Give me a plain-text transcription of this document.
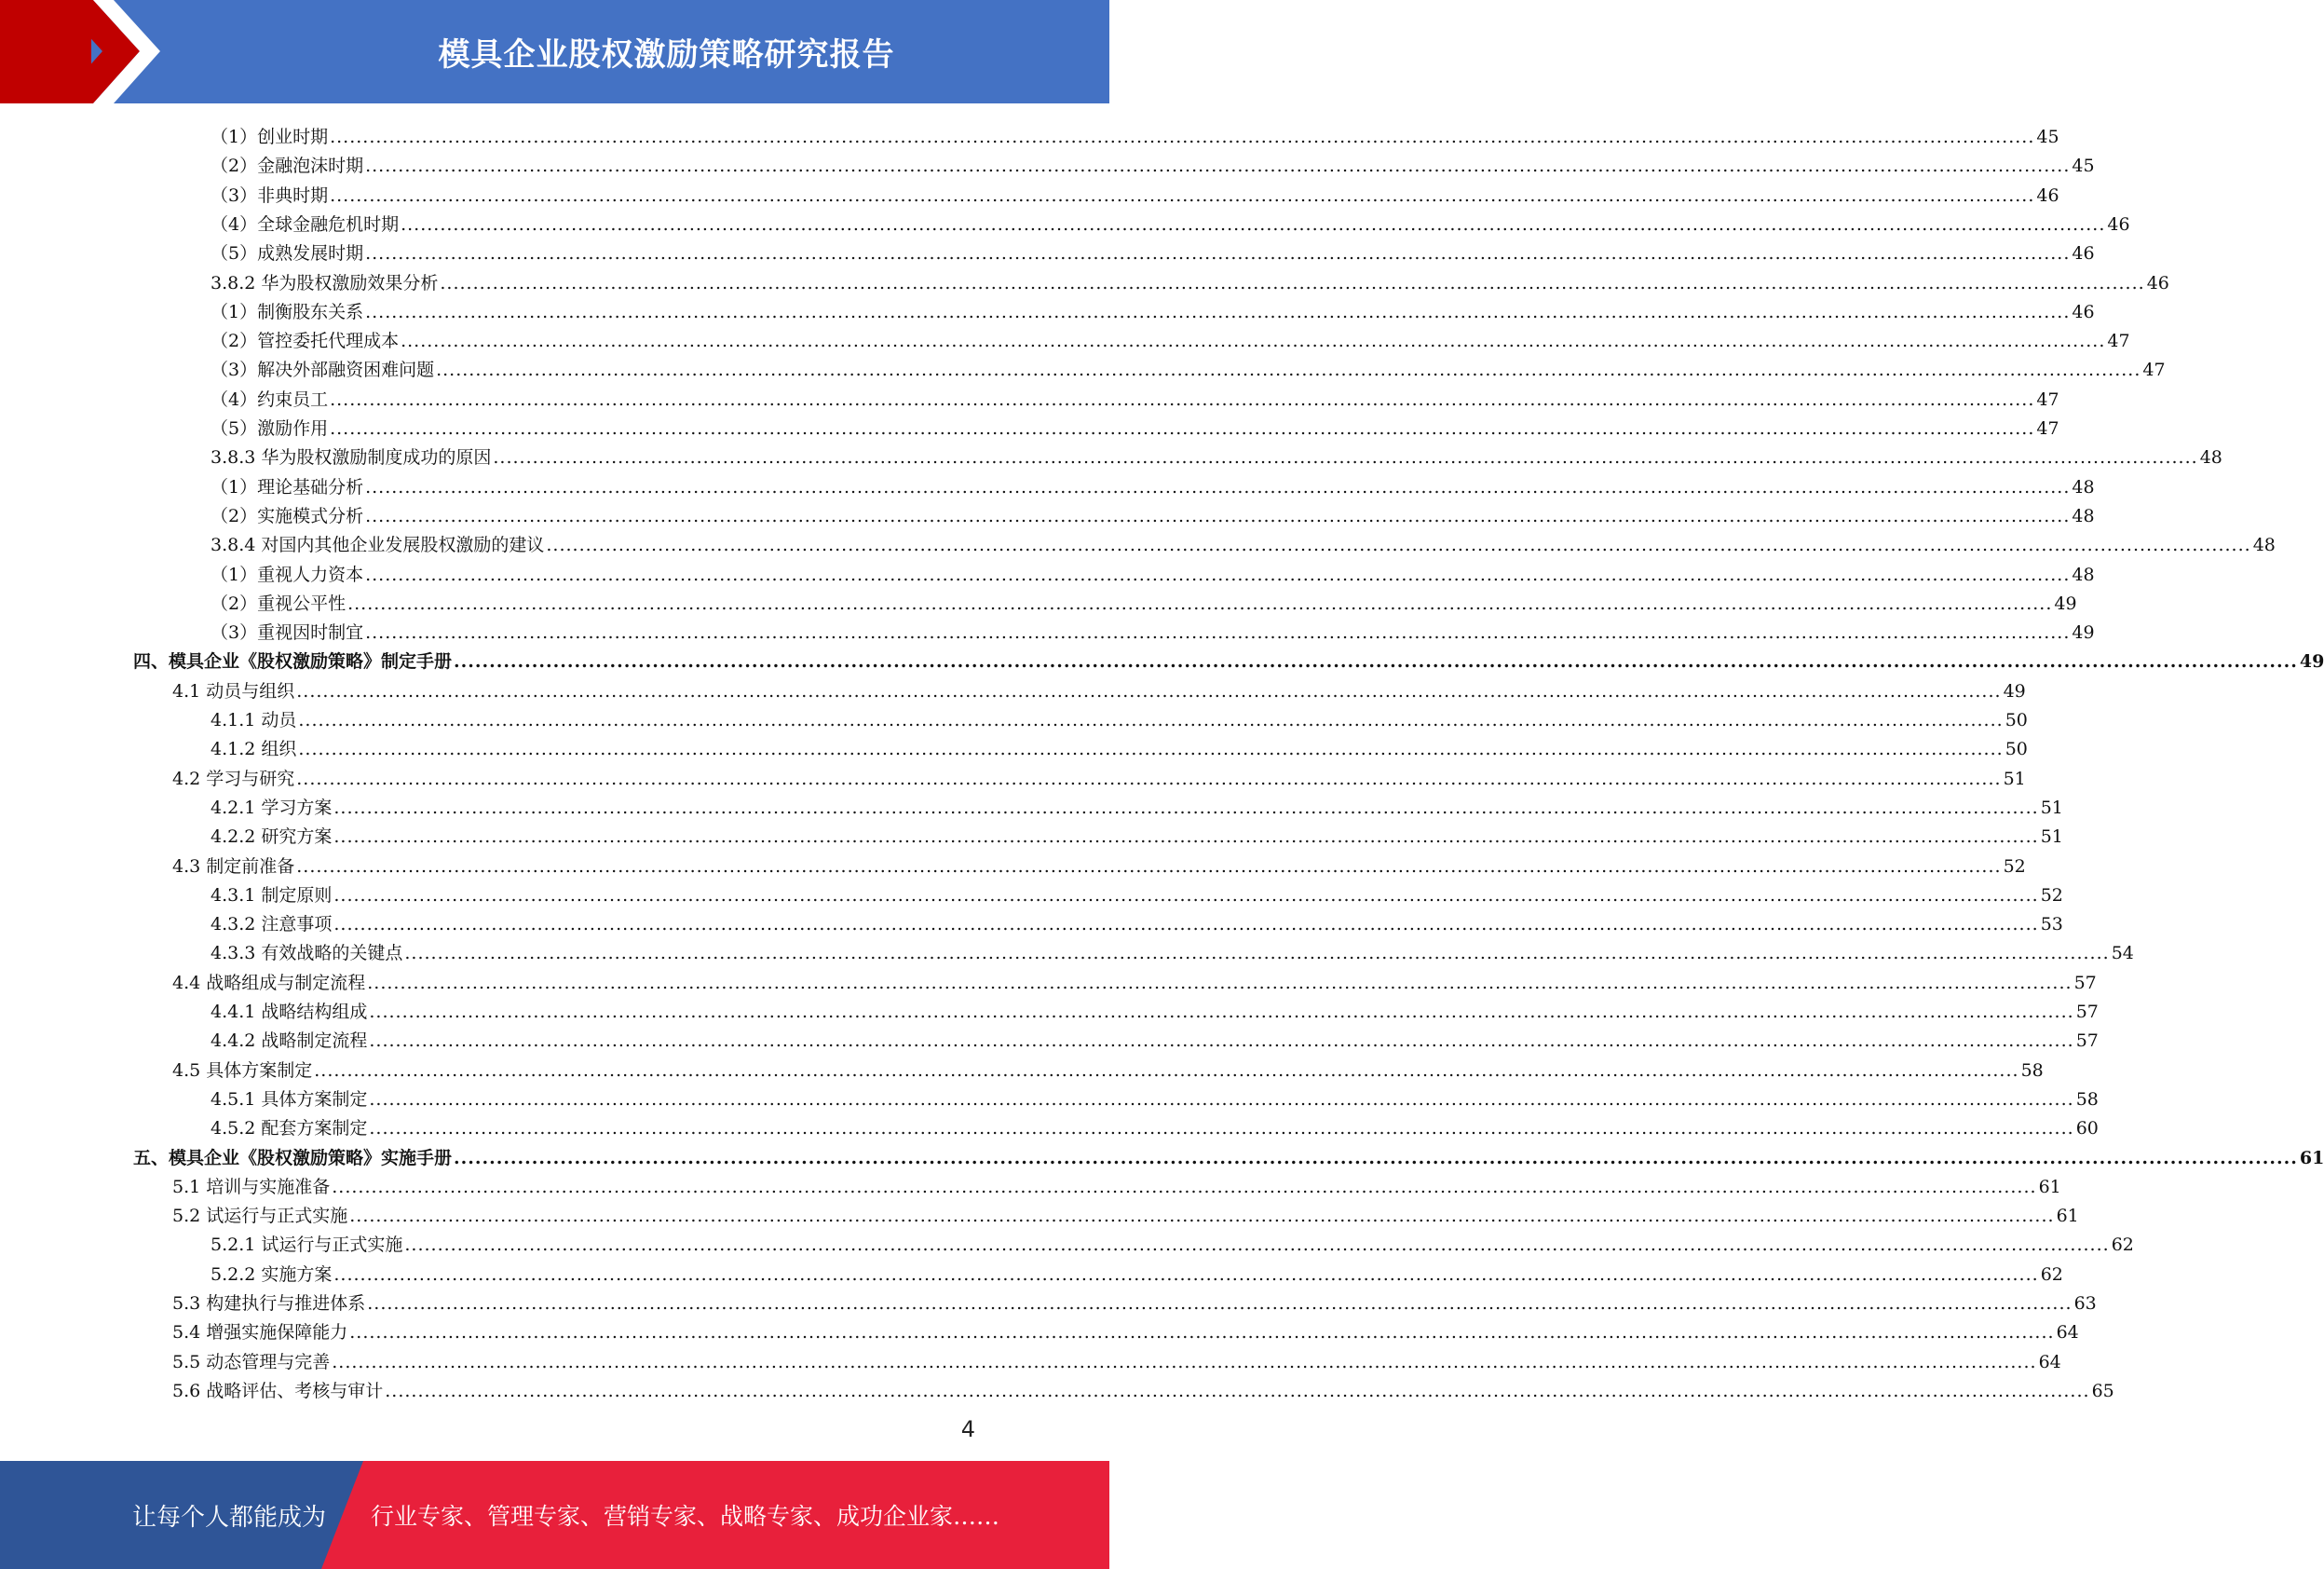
模具企业股权激励策略研究报告
（1）创业时期 .................................................................................................................................................................................................................................................................... 45
（2）金融泡沫时期 .................................................................................................................................................................................................................................................................... 45
（3）非典时期 .................................................................................................................................................................................................................................................................... 46
（4）全球金融危机时期 .................................................................................................................................................................................................................................................................... 46
（5）成熟发展时期 .................................................................................................................................................................................................................................................................... 46
3.8.2 华为股权激励效果分析 .................................................................................................................................................................................................................................................................... 46
（1）制衡股东关系 .................................................................................................................................................................................................................................................................... 46
（2）管控委托代理成本 .................................................................................................................................................................................................................................................................... 47
（3）解决外部融资困难问题 .................................................................................................................................................................................................................................................................... 47
（4）约束员工 .................................................................................................................................................................................................................................................................... 47
（5）激励作用 .................................................................................................................................................................................................................................................................... 47
3.8.3 华为股权激励制度成功的原因 .................................................................................................................................................................................................................................................................... 48
（1）理论基础分析 .................................................................................................................................................................................................................................................................... 48
（2）实施模式分析 .................................................................................................................................................................................................................................................................... 48
3.8.4 对国内其他企业发展股权激励的建议 .................................................................................................................................................................................................................................................................... 48
（1）重视人力资本 .................................................................................................................................................................................................................................................................... 48
（2）重视公平性 .................................................................................................................................................................................................................................................................... 49
（3）重视因时制宜 .................................................................................................................................................................................................................................................................... 49
四、模具企业《股权激励策略》制定手册 .................................................................................................................................................................................................................................................................... 49
4.1 动员与组织 .................................................................................................................................................................................................................................................................... 49
4.1.1 动员 .................................................................................................................................................................................................................................................................... 50
4.1.2 组织 .................................................................................................................................................................................................................................................................... 50
4.2 学习与研究 .................................................................................................................................................................................................................................................................... 51
4.2.1 学习方案 .................................................................................................................................................................................................................................................................... 51
4.2.2 研究方案 .................................................................................................................................................................................................................................................................... 51
4.3 制定前准备 .................................................................................................................................................................................................................................................................... 52
4.3.1 制定原则 .................................................................................................................................................................................................................................................................... 52
4.3.2 注意事项 .................................................................................................................................................................................................................................................................... 53
4.3.3 有效战略的关键点 .................................................................................................................................................................................................................................................................... 54
4.4 战略组成与制定流程 .................................................................................................................................................................................................................................................................... 57
4.4.1 战略结构组成 .................................................................................................................................................................................................................................................................... 57
4.4.2 战略制定流程 .................................................................................................................................................................................................................................................................... 57
4.5 具体方案制定 .................................................................................................................................................................................................................................................................... 58
4.5.1 具体方案制定 .................................................................................................................................................................................................................................................................... 58
4.5.2 配套方案制定 .................................................................................................................................................................................................................................................................... 60
五、模具企业《股权激励策略》实施手册 .................................................................................................................................................................................................................................................................... 61
5.1 培训与实施准备 .................................................................................................................................................................................................................................................................... 61
5.2 试运行与正式实施 .................................................................................................................................................................................................................................................................... 61
5.2.1 试运行与正式实施 .................................................................................................................................................................................................................................................................... 62
5.2.2 实施方案 .................................................................................................................................................................................................................................................................... 62
5.3 构建执行与推进体系 .................................................................................................................................................................................................................................................................... 63
5.4 增强实施保障能力 .................................................................................................................................................................................................................................................................... 64
5.5 动态管理与完善 .................................................................................................................................................................................................................................................................... 64
5.6 战略评估、考核与审计 .................................................................................................................................................................................................................................................................... 65
4
让每个人都能成为 行业专家、管理专家、营销专家、战略专家、成功企业家……
